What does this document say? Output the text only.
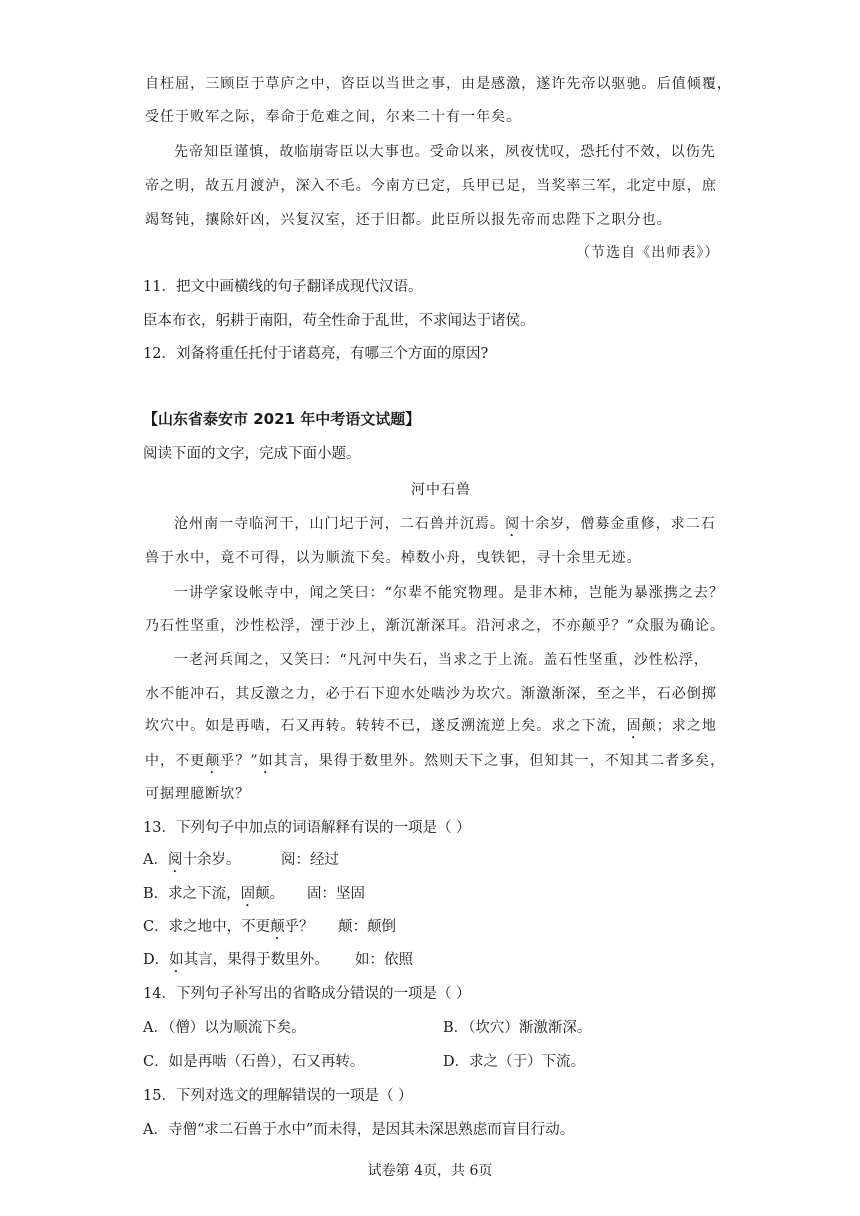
自枉屈，三顾臣于草庐之中，咨臣以当世之事，由是感激，遂许先帝以驱驰。后值倾覆，
受任于败军之际，奉命于危难之间，尔来二十有一年矣。
先帝知臣谨慎，故临崩寄臣以大事也。受命以来，夙夜忧叹，恐托付不效，以伤先
帝之明，故五月渡泸，深入不毛。今南方已定，兵甲已足，当奖率三军，北定中原，庶
竭驽钝，攘除奸凶，兴复汉室，还于旧都。此臣所以报先帝而忠陛下之职分也。
（节选自《出师表》）
11．把文中画横线的句子翻译成现代汉语。
臣本布衣，躬耕于南阳，苟全性命于乱世，不求闻达于诸侯。
12．刘备将重任托付于诸葛亮，有哪三个方面的原因?
【山东省泰安市 2021 年中考语文试题】
阅读下面的文字，完成下面小题。
河中石兽
沧州南一寺临河干，山门圮于河，二石兽并沉焉。阅十余岁，僧募金重修，求二石
兽于水中，竟不可得，以为顺流下矣。棹数小舟，曳铁钯，寻十余里无迹。
一讲学家设帐寺中，闻之笑曰：“尔辈不能究物理。是非木柿，岂能为暴涨携之去？
乃石性坚重，沙性松浮，湮于沙上，渐沉渐深耳。沿河求之，不亦颠乎？”众服为确论。
一老河兵闻之，又笑曰：“凡河中失石，当求之于上流。盖石性坚重，沙性松浮，
水不能冲石，其反激之力，必于石下迎水处啮沙为坎穴。渐激渐深，至之半，石必倒掷
坎穴中。如是再啮，石又再转。转转不已，遂反溯流逆上矣。求之下流，固颠；求之地
中，不更颠乎？”如其言，果得于数里外。然则天下之事，但知其一，不知其二者多矣，
可据理臆断欤？
13．下列句子中加点的词语解释有误的一项是（ ）
A．阅十余岁。	阅：经过
B．求之下流，固颠。 固：坚固
C．求之地中，不更颠乎？ 颠：颠倒
D．如其言，果得于数里外。 如：依照
14．下列句子补写出的省略成分错误的一项是（ ）
A．（僧）以为顺流下矣。	B．（坎穴）渐激渐深。
C．如是再啮（石兽），石又再转。	D．求之（于）下流。
15．下列对选文的理解错误的一项是（ ）
A．寺僧“求二石兽于水中”而未得，是因其未深思熟虑而盲目行动。
试卷第 4页，共 6页
